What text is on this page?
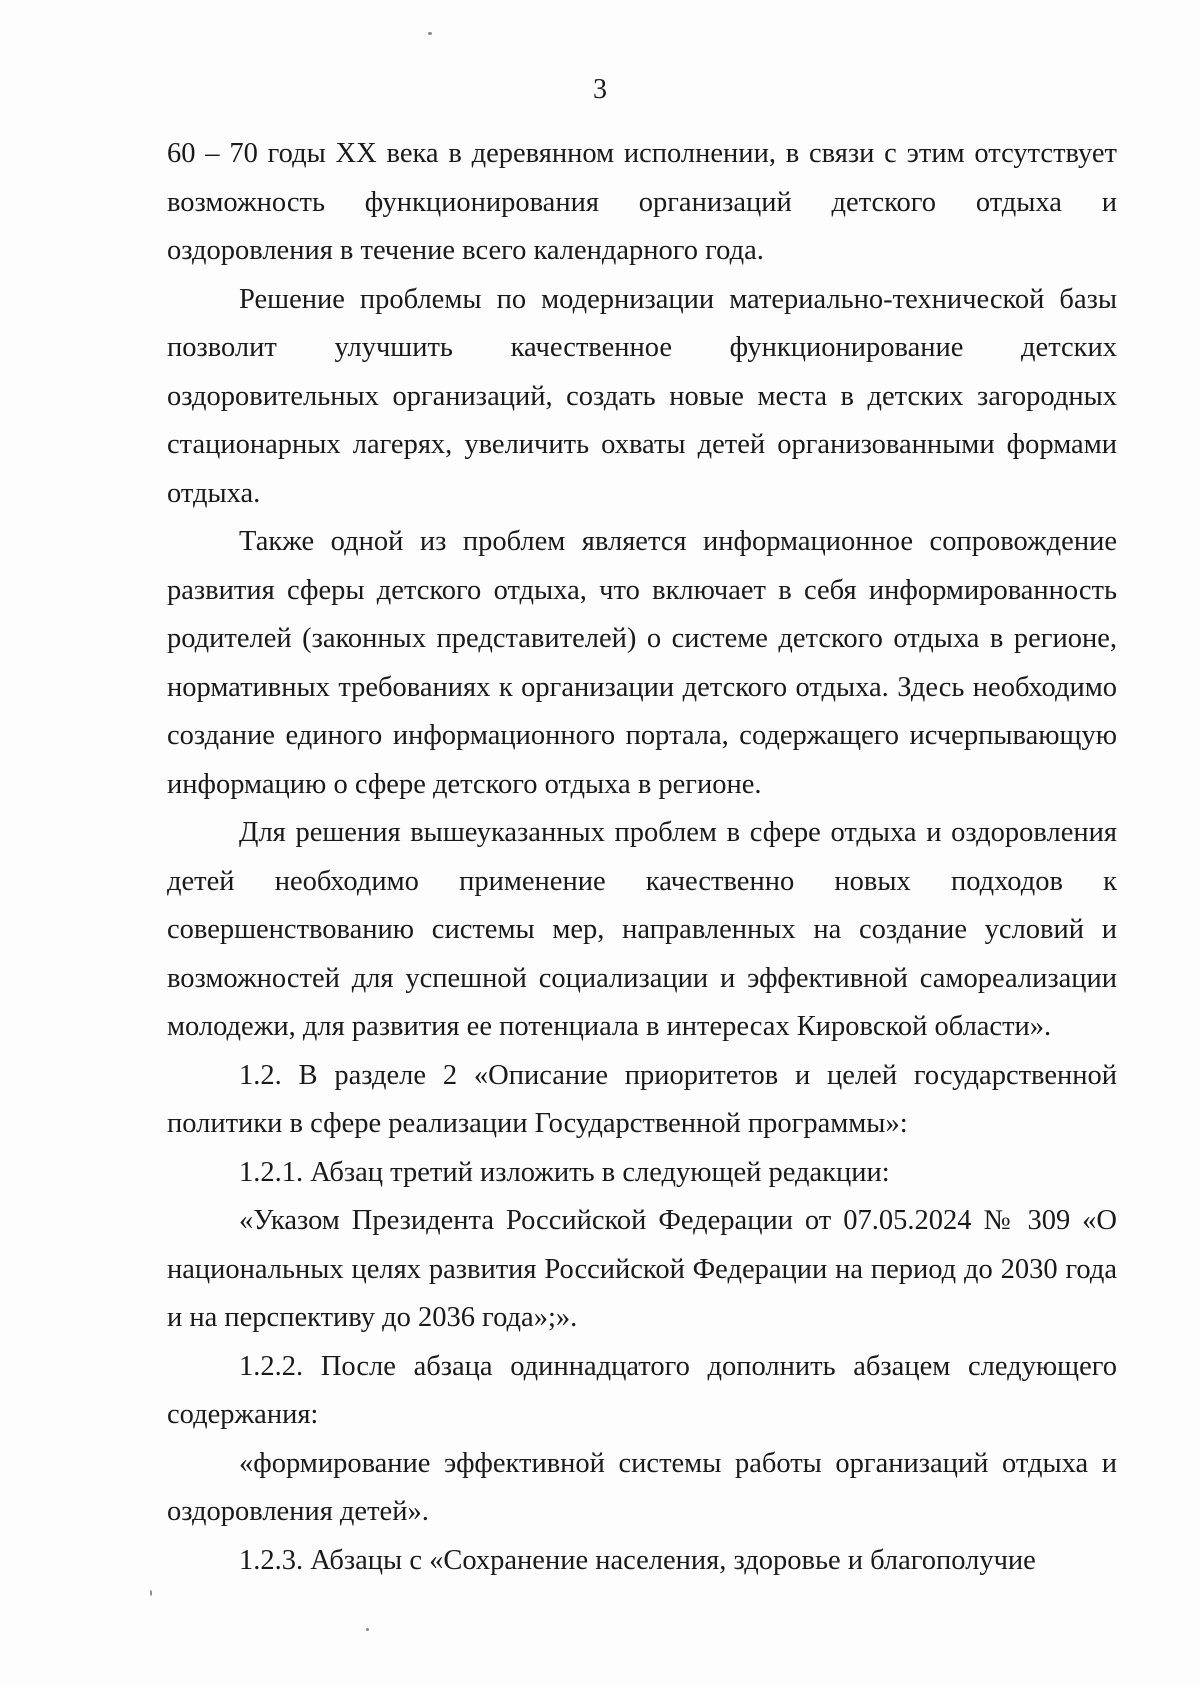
3
60 – 70 годы XX века в деревянном исполнении, в связи с этим отсутствует
возможность функционирования организаций детского отдыха и
оздоровления в течение всего календарного года.
Решение проблемы по модернизации материально-технической базы
позволит улучшить качественное функционирование детских
оздоровительных организаций, создать новые места в детских загородных
стационарных лагерях, увеличить охваты детей организованными формами
отдыха.
Также одной из проблем является информационное сопровождение
развития сферы детского отдыха, что включает в себя информированность
родителей (законных представителей) о системе детского отдыха в регионе,
нормативных требованиях к организации детского отдыха. Здесь необходимо
создание единого информационного портала, содержащего исчерпывающую
информацию о сфере детского отдыха в регионе.
Для решения вышеуказанных проблем в сфере отдыха и оздоровления
детей необходимо применение качественно новых подходов к
совершенствованию системы мер, направленных на создание условий и
возможностей для успешной социализации и эффективной самореализации
молодежи, для развития ее потенциала в интересах Кировской области».
1.2. В разделе 2 «Описание приоритетов и целей государственной
политики в сфере реализации Государственной программы»:
1.2.1. Абзац третий изложить в следующей редакции:
«Указом Президента Российской Федерации от 07.05.2024 № 309 «О
национальных целях развития Российской Федерации на период до 2030 года
и на перспективу до 2036 года»;».
1.2.2. После абзаца одиннадцатого дополнить абзацем следующего
содержания:
«формирование эффективной системы работы организаций отдыха и
оздоровления детей».
1.2.3. Абзацы с «Сохранение населения, здоровье и благополучие
